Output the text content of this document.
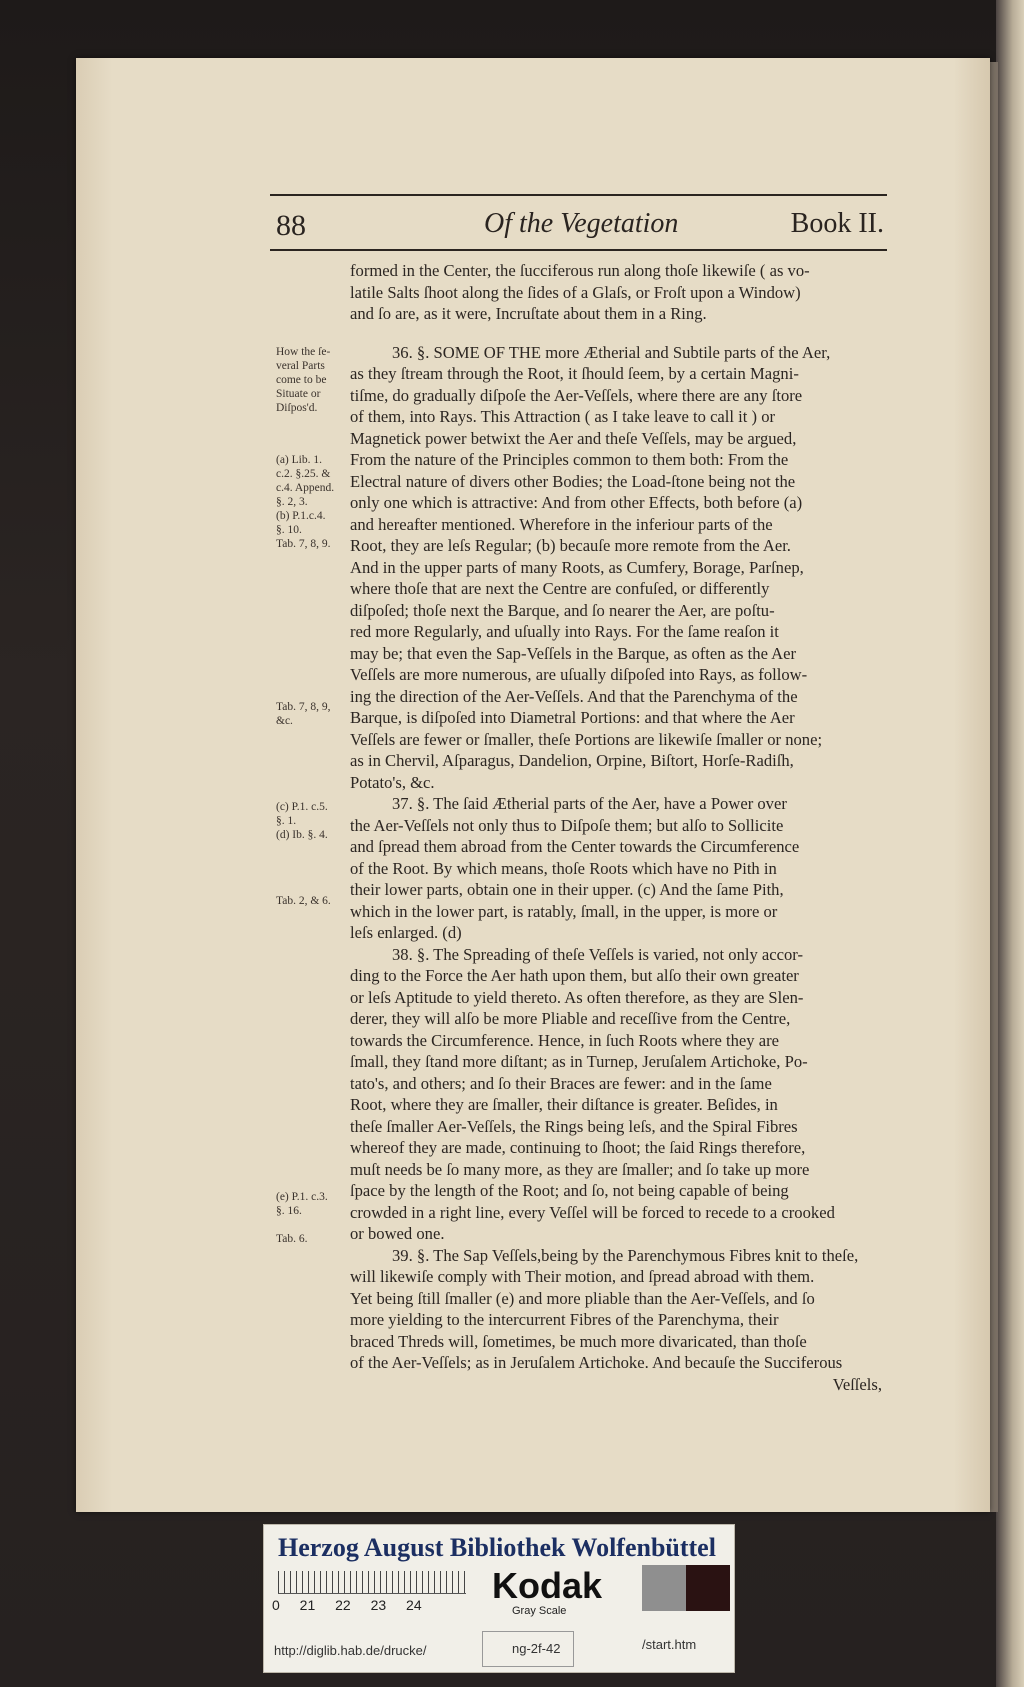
88	Of the Vegetation	Book II.
formed in the Center, the ſucciferous run along thoſe likewiſe ( as vo-
latile Salts ſhoot along the ſides of a Glaſs, or Froſt upon a Window)
and ſo are, as it were, Incruſtate about them in a Ring.
36. §. SOME OF THE more Ætherial and Subtile parts of the Aer,
as they ſtream through the Root, it ſhould ſeem, by a certain Magni-
tiſme, do gradually diſpoſe the Aer-Veſſels, where there are any ſtore
of them, into Rays. This Attraction ( as I take leave to call it ) or
Magnetick power betwixt the Aer and theſe Veſſels, may be argued,
From the nature of the Principles common to them both: From the
Electral nature of divers other Bodies; the Load-ſtone being not the
only one which is attractive: And from other Effects, both before (a)
and hereafter mentioned. Wherefore in the inferiour parts of the
Root, they are leſs Regular; (b) becauſe more remote from the Aer.
And in the upper parts of many Roots, as Cumfery, Borage, Parſnep,
where thoſe that are next the Centre are confuſed, or differently
diſpoſed; thoſe next the Barque, and ſo nearer the Aer, are poſtu-
red more Regularly, and uſually into Rays. For the ſame reaſon it
may be; that even the Sap-Veſſels in the Barque, as often as the Aer
Veſſels are more numerous, are uſually diſpoſed into Rays, as follow-
ing the direction of the Aer-Veſſels. And that the Parenchyma of the
Barque, is diſpoſed into Diametral Portions: and that where the Aer
Veſſels are fewer or ſmaller, theſe Portions are likewiſe ſmaller or none;
as in Chervil, Aſparagus, Dandelion, Orpine, Biſtort, Horſe-Radiſh,
Potato's, &c.
37. §. The ſaid Ætherial parts of the Aer, have a Power over
the Aer-Veſſels not only thus to Diſpoſe them; but alſo to Sollicite
and ſpread them abroad from the Center towards the Circumference
of the Root. By which means, thoſe Roots which have no Pith in
their lower parts, obtain one in their upper. (c) And the ſame Pith,
which in the lower part, is ratably, ſmall, in the upper, is more or
leſs enlarged. (d)
38. §. The Spreading of theſe Veſſels is varied, not only accor-
ding to the Force the Aer hath upon them, but alſo their own greater
or leſs Aptitude to yield thereto. As often therefore, as they are Slen-
derer, they will alſo be more Pliable and receſſive from the Centre,
towards the Circumference. Hence, in ſuch Roots where they are
ſmall, they ſtand more diſtant; as in Turnep, Jeruſalem Artichoke, Po-
tato's, and others; and ſo their Braces are fewer: and in the ſame
Root, where they are ſmaller, their diſtance is greater. Beſides, in
theſe ſmaller Aer-Veſſels, the Rings being leſs, and the Spiral Fibres
whereof they are made, continuing to ſhoot; the ſaid Rings therefore,
muſt needs be ſo many more, as they are ſmaller; and ſo take up more
ſpace by the length of the Root; and ſo, not being capable of being
crowded in a right line, every Veſſel will be forced to recede to a crooked
or bowed one.
39. §. The Sap Veſſels,being by the Parenchymous Fibres knit to theſe,
will likewiſe comply with Their motion, and ſpread abroad with them.
Yet being ſtill ſmaller (e) and more pliable than the Aer-Veſſels, and ſo
more yielding to the intercurrent Fibres of the Parenchyma, their
braced Threds will, ſometimes, be much more divaricated, than thoſe
of the Aer-Veſſels; as in Jeruſalem Artichoke. And becauſe the Succiferous
Veſſels,
How the ſe-
veral Parts
come to be
Situate or
Diſpos'd.
(a) Lib. 1.
c.2. §.25. &
c.4. Append.
§. 2, 3.
(b) P.1.c.4.
§. 10.
Tab. 7, 8, 9.
Tab. 7, 8, 9,
&c.
(c) P.1. c.5.
§. 1.
(d) Ib. §. 4.
Tab. 2, & 6.
(e) P.1. c.3.
§. 16.

Tab. 6.
Herzog August Bibliothek Wolfenbüttel
0 21 22 23 24 Kodak
Gray Scale
http://diglib.hab.de/drucke/	ng-2f-42	/start.htm
